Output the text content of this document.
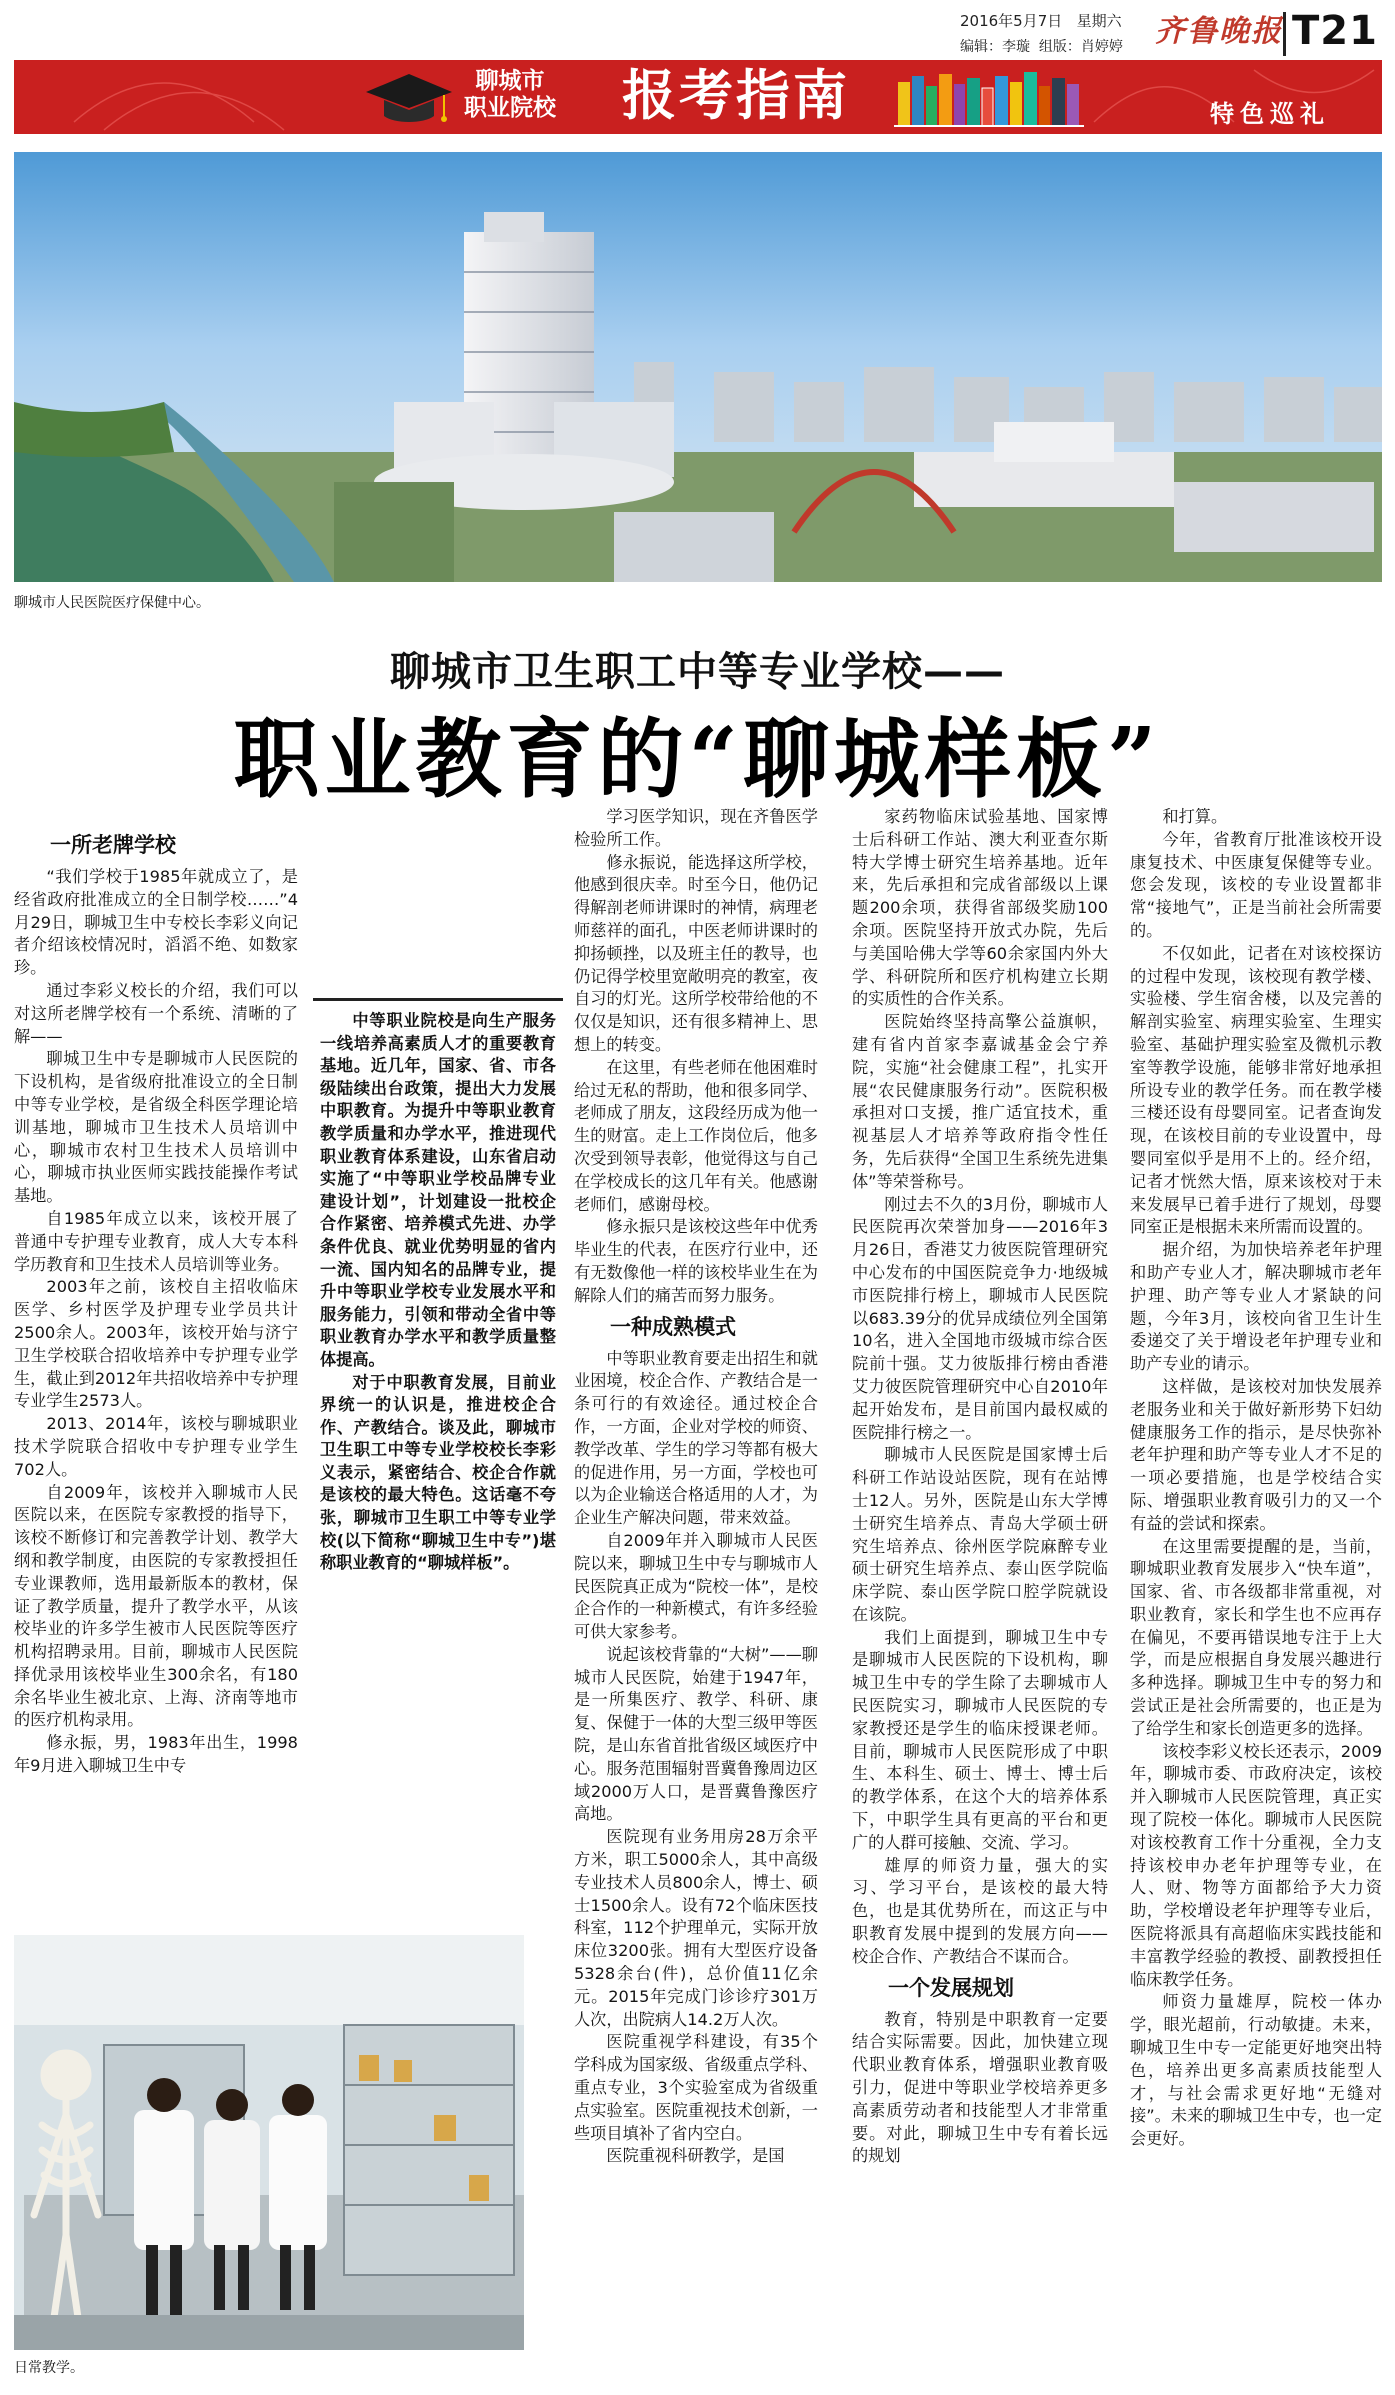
2016年5月7日 星期六
编辑：李璇 组版：肖婷婷 齐鲁晚报 T21
聊城市
职业院校 报考指南	特色巡礼
聊城市人民医院医疗保健中心。
聊城市卫生职工中等专业学校——
职业教育的“聊城样板”
一所老牌学校

“我们学校于1985年就成立了，是经省政府批准成立的全日制学校……”4月29日，聊城卫生中专校长李彩义向记者介绍该校情况时，滔滔不绝、如数家珍。

通过李彩义校长的介绍，我们可以对这所老牌学校有一个系统、清晰的了解——

聊城卫生中专是聊城市人民医院的下设机构，是省级府批准设立的全日制中等专业学校，是省级全科医学理论培训基地，聊城市卫生技术人员培训中心，聊城市农村卫生技术人员培训中心，聊城市执业医师实践技能操作考试基地。

自1985年成立以来，该校开展了普通中专护理专业教育，成人大专本科学历教育和卫生技术人员培训等业务。

2003年之前，该校自主招收临床医学、乡村医学及护理专业学员共计2500余人。2003年，该校开始与济宁卫生学校联合招收培养中专护理专业学生，截止到2012年共招收培养中专护理专业学生2573人。

2013、2014年，该校与聊城职业技术学院联合招收中专护理专业学生702人。

自2009年，该校并入聊城市人民医院以来，在医院专家教授的指导下，该校不断修订和完善教学计划、教学大纲和教学制度，由医院的专家教授担任专业课教师，选用最新版本的教材，保证了教学质量，提升了教学水平，从该校毕业的许多学生被市人民医院等医疗机构招聘录用。目前，聊城市人民医院择优录用该校毕业生300余名，有180余名毕业生被北京、上海、济南等地市的医疗机构录用。

修永振，男，1983年出生，1998年9月进入聊城卫生中专

中等职业院校是向生产服务一线培养高素质人才的重要教育基地。近几年，国家、省、市各级陆续出台政策，提出大力发展中职教育。为提升中等职业教育教学质量和办学水平，推进现代职业教育体系建设，山东省启动实施了“中等职业学校品牌专业建设计划”，计划建设一批校企合作紧密、培养模式先进、办学条件优良、就业优势明显的省内一流、国内知名的品牌专业，提升中等职业学校专业发展水平和服务能力，引领和带动全省中等职业教育办学水平和教学质量整体提高。

对于中职教育发展，目前业界统一的认识是，推进校企合作、产教结合。谈及此，聊城市卫生职工中等专业学校校长李彩义表示，紧密结合、校企合作就是该校的最大特色。这话毫不夸张，聊城市卫生职工中等专业学校(以下简称“聊城卫生中专”)堪称职业教育的“聊城样板”。

学习医学知识，现在齐鲁医学检验所工作。

修永振说，能选择这所学校，他感到很庆幸。时至今日，他仍记得解剖老师讲课时的神情，病理老师慈祥的面孔，中医老师讲课时的抑扬顿挫，以及班主任的教导，也仍记得学校里宽敞明亮的教室，夜自习的灯光。这所学校带给他的不仅仅是知识，还有很多精神上、思想上的转变。

在这里，有些老师在他困难时给过无私的帮助，他和很多同学、老师成了朋友，这段经历成为他一生的财富。走上工作岗位后，他多次受到领导表彰，他觉得这与自己在学校成长的这几年有关。他感谢老师们，感谢母校。

修永振只是该校这些年中优秀毕业生的代表，在医疗行业中，还有无数像他一样的该校毕业生在为解除人们的痛苦而努力服务。

一种成熟模式

中等职业教育要走出招生和就业困境，校企合作、产教结合是一条可行的有效途径。通过校企合作，一方面，企业对学校的师资、教学改革、学生的学习等都有极大的促进作用，另一方面，学校也可以为企业输送合格适用的人才，为企业生产解决问题，带来效益。

自2009年并入聊城市人民医院以来，聊城卫生中专与聊城市人民医院真正成为“院校一体”，是校企合作的一种新模式，有许多经验可供大家参考。

说起该校背靠的“大树”——聊城市人民医院，始建于1947年，是一所集医疗、教学、科研、康复、保健于一体的大型三级甲等医院，是山东省首批省级区域医疗中心。服务范围辐射晋冀鲁豫周边区域2000万人口，是晋冀鲁豫医疗高地。

医院现有业务用房28万余平方米，职工5000余人，其中高级专业技术人员800余人，博士、硕士1500余人。设有72个临床医技科室，112个护理单元，实际开放床位3200张。拥有大型医疗设备5328余台(件)，总价值11亿余元。2015年完成门诊诊疗301万人次，出院病人14.2万人次。

医院重视学科建设，有35个学科成为国家级、省级重点学科、重点专业，3个实验室成为省级重点实验室。医院重视技术创新，一些项目填补了省内空白。

医院重视科研教学，是国

家药物临床试验基地、国家博士后科研工作站、澳大利亚查尔斯特大学博士研究生培养基地。近年来，先后承担和完成省部级以上课题200余项，获得省部级奖励100余项。医院坚持开放式办院，先后与美国哈佛大学等60余家国内外大学、科研院所和医疗机构建立长期的实质性的合作关系。

医院始终坚持高擎公益旗帜，建有省内首家李嘉诚基金会宁养院，实施“社会健康工程”，扎实开展“农民健康服务行动”。医院积极承担对口支援，推广适宜技术，重视基层人才培养等政府指令性任务，先后获得“全国卫生系统先进集体”等荣誉称号。

刚过去不久的3月份，聊城市人民医院再次荣誉加身——2016年3月26日，香港艾力彼医院管理研究中心发布的中国医院竞争力·地级城市医院排行榜上，聊城市人民医院以683.39分的优异成绩位列全国第10名，进入全国地市级城市综合医院前十强。艾力彼版排行榜由香港艾力彼医院管理研究中心自2010年起开始发布，是目前国内最权威的医院排行榜之一。

聊城市人民医院是国家博士后科研工作站设站医院，现有在站博士12人。另外，医院是山东大学博士研究生培养点、青岛大学硕士研究生培养点、徐州医学院麻醉专业硕士研究生培养点、泰山医学院临床学院、泰山医学院口腔学院就设在该院。

我们上面提到，聊城卫生中专是聊城市人民医院的下设机构，聊城卫生中专的学生除了去聊城市人民医院实习，聊城市人民医院的专家教授还是学生的临床授课老师。目前，聊城市人民医院形成了中职生、本科生、硕士、博士、博士后的教学体系，在这个大的培养体系下，中职学生具有更高的平台和更广的人群可接触、交流、学习。

雄厚的师资力量，强大的实习、学习平台，是该校的最大特色，也是其优势所在，而这正与中职教育发展中提到的发展方向——校企合作、产教结合不谋而合。

一个发展规划

教育，特别是中职教育一定要结合实际需要。因此，加快建立现代职业教育体系，增强职业教育吸引力，促进中等职业学校培养更多高素质劳动者和技能型人才非常重要。对此，聊城卫生中专有着长远的规划

和打算。

今年，省教育厅批准该校开设康复技术、中医康复保健等专业。您会发现，该校的专业设置都非常“接地气”，正是当前社会所需要的。

不仅如此，记者在对该校探访的过程中发现，该校现有教学楼、实验楼、学生宿舍楼，以及完善的解剖实验室、病理实验室、生理实验室、基础护理实验室及微机示教室等教学设施，能够非常好地承担所设专业的教学任务。而在教学楼三楼还设有母婴同室。记者查询发现，在该校目前的专业设置中，母婴同室似乎是用不上的。经介绍，记者才恍然大悟，原来该校对于未来发展早已着手进行了规划，母婴同室正是根据未来所需而设置的。

据介绍，为加快培养老年护理和助产专业人才，解决聊城市老年护理、助产等专业人才紧缺的问题，今年3月，该校向省卫生计生委递交了关于增设老年护理专业和助产专业的请示。

这样做，是该校对加快发展养老服务业和关于做好新形势下妇幼健康服务工作的指示，是尽快弥补老年护理和助产等专业人才不足的一项必要措施，也是学校结合实际、增强职业教育吸引力的又一个有益的尝试和探索。

在这里需要提醒的是，当前，聊城职业教育发展步入“快车道”，国家、省、市各级都非常重视，对职业教育，家长和学生也不应再存在偏见，不要再错误地专注于上大学，而是应根据自身发展兴趣进行多种选择。聊城卫生中专的努力和尝试正是社会所需要的，也正是为了给学生和家长创造更多的选择。

该校李彩义校长还表示，2009年，聊城市委、市政府决定，该校并入聊城市人民医院管理，真正实现了院校一体化。聊城市人民医院对该校教育工作十分重视，全力支持该校申办老年护理等专业，在人、财、物等方面都给予大力资助，学校增设老年护理等专业后，医院将派具有高超临床实践技能和丰富教学经验的教授、副教授担任临床教学任务。

师资力量雄厚，院校一体办学，眼光超前，行动敏捷。未来，聊城卫生中专一定能更好地突出特色，培养出更多高素质技能型人才，与社会需求更好地“无缝对接”。未来的聊城卫生中专，也一定会更好。

日常教学。
